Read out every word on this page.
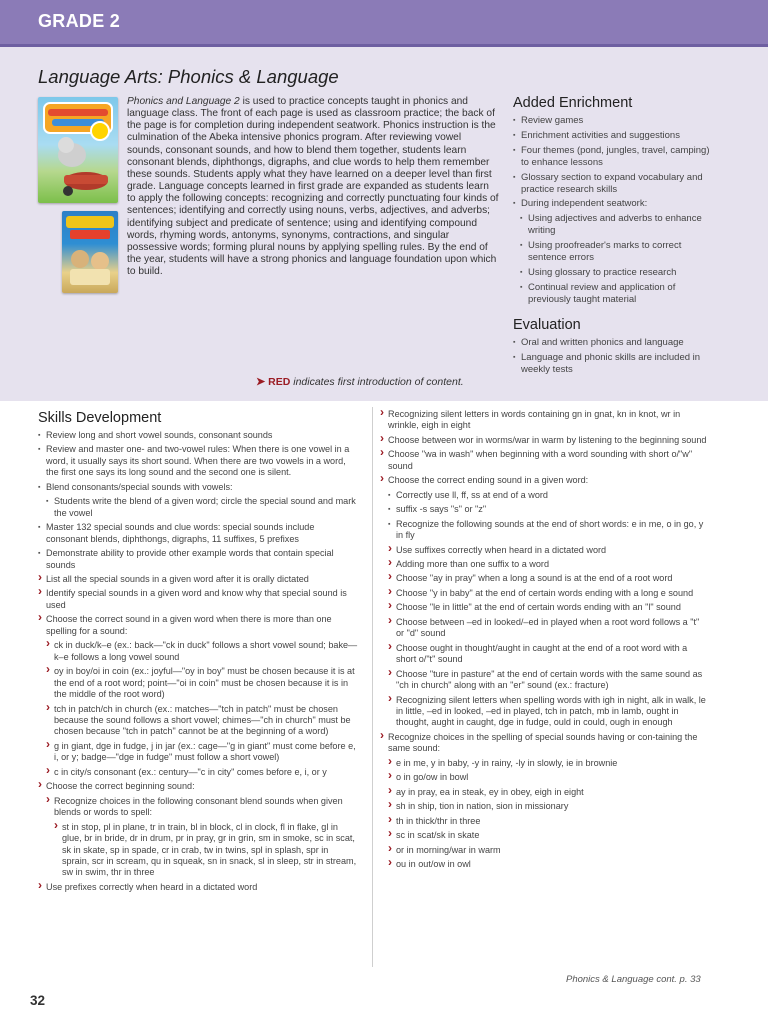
GRADE 2
Language Arts: Phonics & Language
Phonics and Language 2 is used to practice concepts taught in phonics and language class. The front of each page is used as classroom practice; the back of the page is for completion during independent seatwork. Phonics instruction is the culmination of the Abeka intensive phonics program. After reviewing vowel sounds, consonant sounds, and how to blend them together, students learn consonant blends, diphthongs, digraphs, and clue words to help them remember these sounds. Students apply what they have learned on a deeper level than first grade. Language concepts learned in first grade are expanded as students learn to apply the following concepts: recognizing and correctly punctuating four kinds of sentences; identifying and correctly using nouns, verbs, adjectives, and adverbs; identifying subject and predicate of sentence; using and identifying compound words, rhyming words, antonyms, synonyms, contractions, and singular possessive words; forming plural nouns by applying spelling rules. By the end of the year, students will have a strong phonics and language foundation upon which to build.
Added Enrichment
▪ Review games
▪ Enrichment activities and suggestions
▪ Four themes (pond, jungles, travel, camping) to enhance lessons
▪ Glossary section to expand vocabulary and practice research skills
▪ During independent seatwork:
▪ Using adjectives and adverbs to enhance writing
▪ Using proofreader's marks to correct sentence errors
▪ Using glossary to practice research
▪ Continual review and application of previously taught material
Evaluation
▪ Oral and written phonics and language
▪ Language and phonic skills are included in weekly tests
➤ RED indicates first introduction of content.
Skills Development
▪ Review long and short vowel sounds, consonant sounds
▪ Review and master one- and two-vowel rules: When there is one vowel in a word, it usually says its short sound. When there are two vowels in a word, the first one says its long sound and the second one is silent.
▪ Blend consonants/special sounds with vowels:
▪ Students write the blend of a given word; circle the special sound and mark the vowel
▪ Master 132 special sounds and clue words: special sounds include consonant blends, diphthongs, digraphs, 11 suffixes, 5 prefixes
▪ Demonstrate ability to provide other example words that contain special sounds
› List all the special sounds in a given word after it is orally dictated
› Identify special sounds in a given word and know why that special sound is used
› Choose the correct sound in a given word when there is more than one spelling for a sound:
› ck in duck/k–e (ex.: back—"ck in duck" follows a short vowel sound; bake—k–e follows a long vowel sound
› oy in boy/oi in coin (ex.: joyful—"oy in boy" must be chosen because it is at the end of a root word; point—"oi in coin" must be chosen because it is in the middle of the root word)
› tch in patch/ch in church (ex.: matches—"tch in patch" must be chosen because the sound follows a short vowel; chimes—"ch in church" must be chosen because "tch in patch" cannot be at the beginning of a word)
› g in giant, dge in fudge, j in jar (ex.: cage—"g in giant" must come before e, i, or y; badge—"dge in fudge" must follow a short vowel)
› c in city/s consonant (ex.: century—"c in city" comes before e, i, or y
› Choose the correct beginning sound:
› Recognize choices in the following consonant blend sounds when given blends or words to spell:
› st in stop, pl in plane, tr in train, bl in block, cl in clock, fl in flake, gl in glue, br in bride, dr in drum, pr in pray, gr in grin, sm in smoke, sc in scat, sk in skate, sp in spade, cr in crab, tw in twins, spl in splash, spr in sprain, scr in scream, qu in squeak, sn in snack, sl in sleep, str in stream, sw in swim, thr in three
› Use prefixes correctly when heard in a dictated word
› Recognizing silent letters in words containing gn in gnat, kn in knot, wr in wrinkle, eigh in eight
› Choose between wor in worms/war in warm by listening to the beginning sound
› Choose "wa in wash" when beginning with a word sounding with short o/"w" sound
› Choose the correct ending sound in a given word:
▪ Correctly use ll, ff, ss at end of a word
▪ suffix -s says "s" or "z"
▪ Recognize the following sounds at the end of short words: e in me, o in go, y in fly
› Use suffixes correctly when heard in a dictated word
› Adding more than one suffix to a word
› Choose "ay in pray" when a long a sound is at the end of a root word
› Choose "y in baby" at the end of certain words ending with a long e sound
› Choose "le in little" at the end of certain words ending with an "l" sound
› Choose between –ed in looked/–ed in played when a root word follows a "t" or "d" sound
› Choose ought in thought/aught in caught at the end of a root word with a short o/"t" sound
› Choose "ture in pasture" at the end of certain words with the same sound as "ch in church" along with an "er" sound (ex.: fracture)
› Recognizing silent letters when spelling words with igh in night, alk in walk, le in little, –ed in looked, –ed in played, tch in patch, mb in lamb, ought in thought, aught in caught, dge in fudge, ould in could, ough in enough
› Recognize choices in the spelling of special sounds having or con-taining the same sound:
› e in me, y in baby, -y in rainy, -ly in slowly, ie in brownie
› o in go/ow in bowl
› ay in pray, ea in steak, ey in obey, eigh in eight
› sh in ship, tion in nation, sion in missionary
› th in thick/thr in three
› sc in scat/sk in skate
› or in morning/war in warm
› ou in out/ow in owl
Phonics & Language cont. p. 33
32
